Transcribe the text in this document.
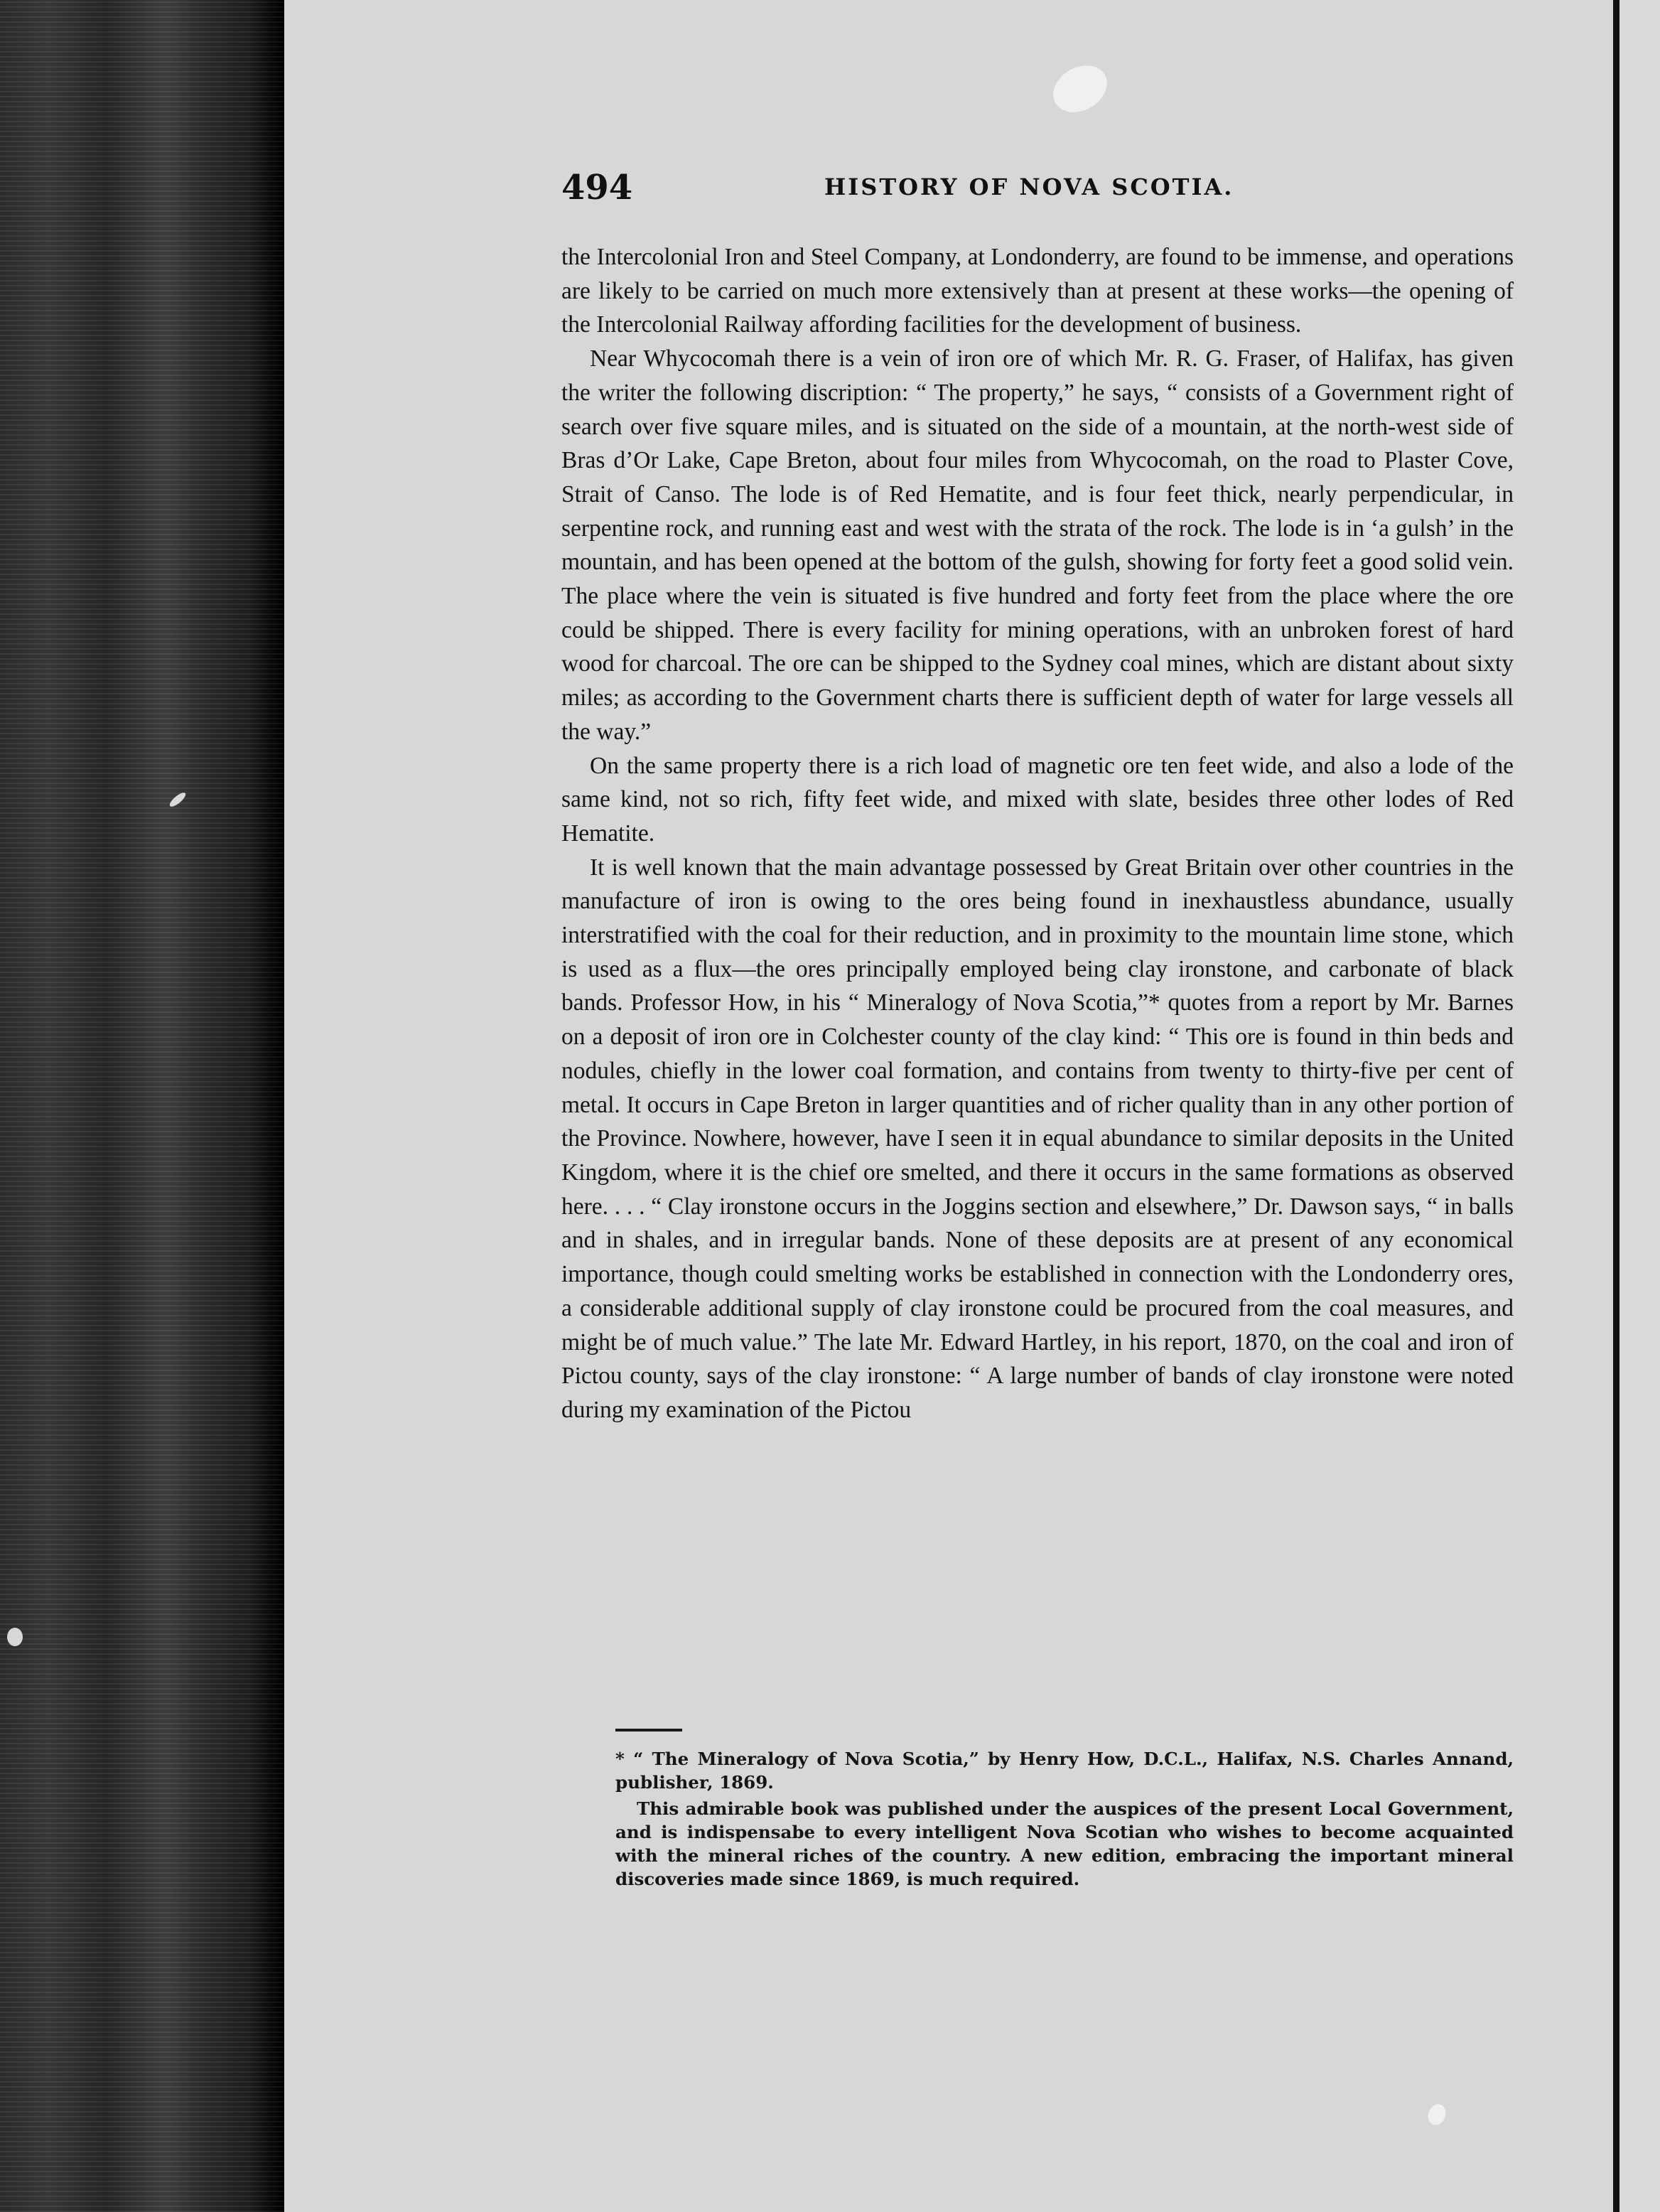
494	HISTORY OF NOVA SCOTIA.

the Intercolonial Iron and Steel Company, at Londonderry, are found to be immense, and operations are likely to be carried on much more extensively than at present at these works—the opening of the Intercolonial Railway affording facilities for the development of business.

Near Whycocomah there is a vein of iron ore of which Mr. R. G. Fraser, of Halifax, has given the writer the following discription: “ The property,” he says, “ consists of a Government right of search over five square miles, and is situated on the side of a mountain, at the north-west side of Bras d’Or Lake, Cape Breton, about four miles from Whycocomah, on the road to Plaster Cove, Strait of Canso. The lode is of Red Hematite, and is four feet thick, nearly perpendicular, in serpentine rock, and running east and west with the strata of the rock. The lode is in ‘a gulsh’ in the mountain, and has been opened at the bottom of the gulsh, showing for forty feet a good solid vein. The place where the vein is situated is five hundred and forty feet from the place where the ore could be shipped. There is every facility for mining operations, with an unbroken forest of hard wood for charcoal. The ore can be shipped to the Sydney coal mines, which are distant about sixty miles; as according to the Government charts there is sufficient depth of water for large vessels all the way.”

On the same property there is a rich load of magnetic ore ten feet wide, and also a lode of the same kind, not so rich, fifty feet wide, and mixed with slate, besides three other lodes of Red Hematite.

It is well known that the main advantage possessed by Great Britain over other countries in the manufacture of iron is owing to the ores being found in inexhaustless abundance, usually interstratified with the coal for their reduction, and in proximity to the mountain lime stone, which is used as a flux—the ores principally employed being clay ironstone, and carbonate of black bands. Professor How, in his “ Mineralogy of Nova Scotia,”* quotes from a report by Mr. Barnes on a deposit of iron ore in Colchester county of the clay kind: “ This ore is found in thin beds and nodules, chiefly in the lower coal formation, and contains from twenty to thirty-five per cent of metal. It occurs in Cape Breton in larger quantities and of richer quality than in any other portion of the Province. Nowhere, however, have I seen it in equal abundance to similar deposits in the United Kingdom, where it is the chief ore smelted, and there it occurs in the same formations as observed here. . . . “ Clay ironstone occurs in the Joggins section and elsewhere,” Dr. Dawson says, “ in balls and in shales, and in irregular bands. None of these deposits are at present of any economical importance, though could smelting works be established in connection with the Londonderry ores, a considerable additional supply of clay ironstone could be procured from the coal measures, and might be of much value.” The late Mr. Edward Hartley, in his report, 1870, on the coal and iron of Pictou county, says of the clay ironstone: “ A large number of bands of clay ironstone were noted during my examination of the Pictou

* “ The Mineralogy of Nova Scotia,” by Henry How, D.C.L., Halifax, N.S. Charles Annand, publisher, 1869.

This admirable book was published under the auspices of the present Local Government, and is indispensabe to every intelligent Nova Scotian who wishes to become acquainted with the mineral riches of the country. A new edition, embracing the important mineral discoveries made since 1869, is much required.
